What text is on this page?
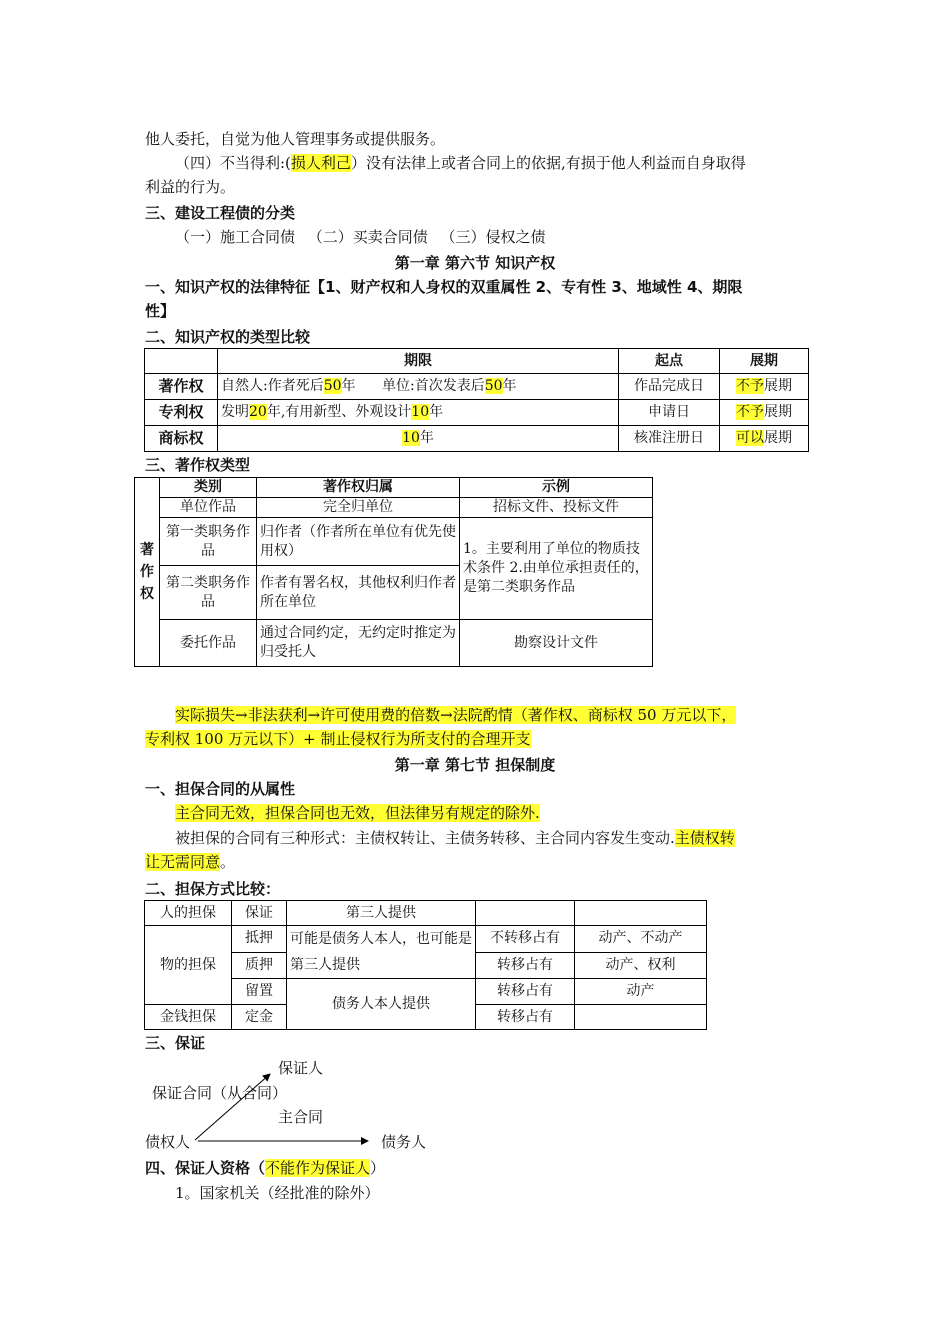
他人委托，自觉为他人管理事务或提供服务。
（四）不当得利:(损人利己）没有法律上或者合同上的依据,有损于他人利益而自身取得
利益的行为。
三、建设工程债的分类
（一）施工合同债 （二）买卖合同债 （三）侵权之债
第一章 第六节 知识产权
一、知识产权的法律特征【1、财产权和人身权的双重属性 2、专有性 3、地域性 4、期限
性】
二、知识产权的类型比较
	期限	起点	展期
著作权	自然人:作者死后50年 单位:首次发表后50年	作品完成日	不予展期
专利权	发明20年,有用新型、外观设计10年	申请日	不予展期
商标权	10年	核准注册日	可以展期
三、著作权类型
著作权	类别	著作权归属	示例
	单位作品	完全归单位	招标文件、投标文件
	第一类职务作品	归作者（作者所在单位有优先使用权）	1。主要利用了单位的物质技术条件 2.由单位承担责任的，是第二类职务作品
	第二类职务作品	作者有署名权，其他权利归作者所在单位	
	委托作品	通过合同约定，无约定时推定为归受托人	勘察设计文件
实际损失→非法获利→许可使用费的倍数→法院酌情（著作权、商标权 50 万元以下，
专利权 100 万元以下）+ 制止侵权行为所支付的合理开支
第一章 第七节 担保制度
一、担保合同的从属性
主合同无效，担保合同也无效，但法律另有规定的除外.
被担保的合同有三种形式：主债权转让、主债务转移、主合同内容发生变动.主债权转
让无需同意。
二、担保方式比较：
人的担保	保证	第三人提供		
物的担保	抵押	可能是债务人本人，也可能是第三人提供	不转移占有	动产、不动产
	质押		转移占有	动产、权利
	留置	债务人本人提供	转移占有	动产
金钱担保	定金		转移占有	
三、保证
保证人
保证合同（从合同）
主合同
债权人	债务人
四、保证人资格（不能作为保证人）
1。国家机关（经批准的除外）
